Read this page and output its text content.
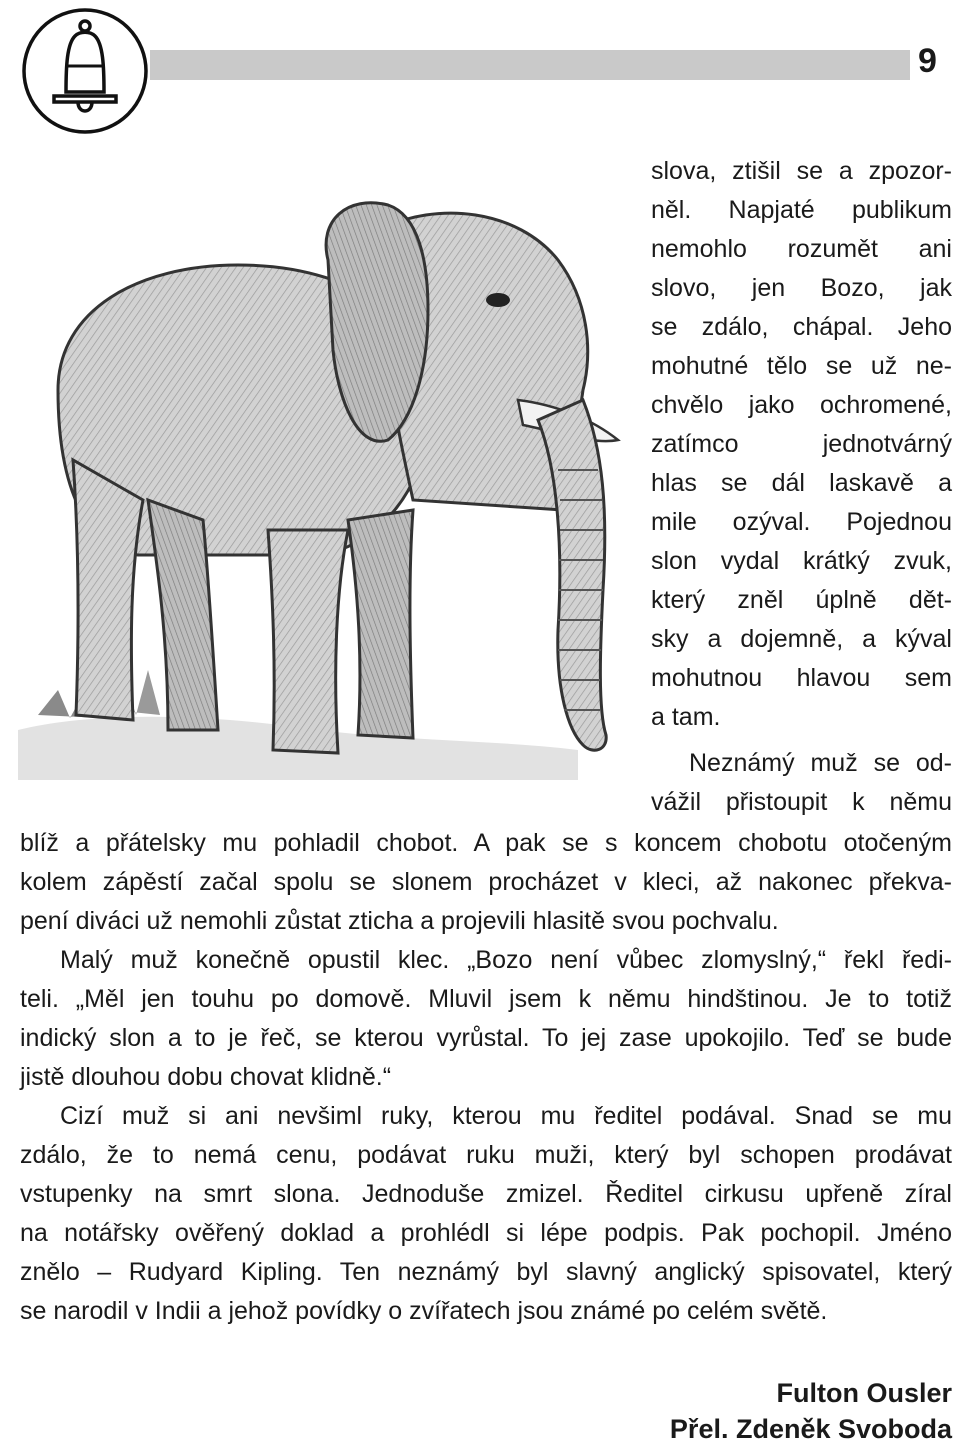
9
slova, ztišil se a zpozor-
něl. Napjaté publikum
nemohlo rozumět ani
slovo, jen Bozo, jak
se zdálo, chápal. Jeho
mohutné tělo se už ne-
chvělo jako ochromené,
zatímco jednotvárný
hlas se dál laskavě a
mile ozýval. Pojednou
slon vydal krátký zvuk,
který zněl úplně dět-
sky a dojemně, a kýval
mohutnou hlavou sem
a tam.
Neznámý muž se od-
vážil přistoupit k němu
blíž a přátelsky mu pohladil chobot. A pak se s koncem chobotu otočeným
kolem zápěstí začal spolu se slonem procházet v kleci, až nakonec překva-
pení diváci už nemohli zůstat zticha a projevili hlasitě svou pochvalu.
Malý muž konečně opustil klec. „Bozo není vůbec zlomyslný,“ řekl ředi-
teli. „Měl jen touhu po domově. Mluvil jsem k němu hindštinou. Je to totiž
indický slon a to je řeč, se kterou vyrůstal. To jej zase upokojilo. Teď se bude
jistě dlouhou dobu chovat klidně.“
Cizí muž si ani nevšiml ruky, kterou mu ředitel podával. Snad se mu
zdálo, že to nemá cenu, podávat ruku muži, který byl schopen prodávat
vstupenky na smrt slona. Jednoduše zmizel. Ředitel cirkusu upřeně zíral
na notářsky ověřený doklad a prohlédl si lépe podpis. Pak pochopil. Jméno
znělo – Rudyard Kipling. Ten neznámý byl slavný anglický spisovatel, který
se narodil v Indii a jehož povídky o zvířatech jsou známé po celém světě.
Fulton Ousler
Přel. Zdeněk Svoboda
